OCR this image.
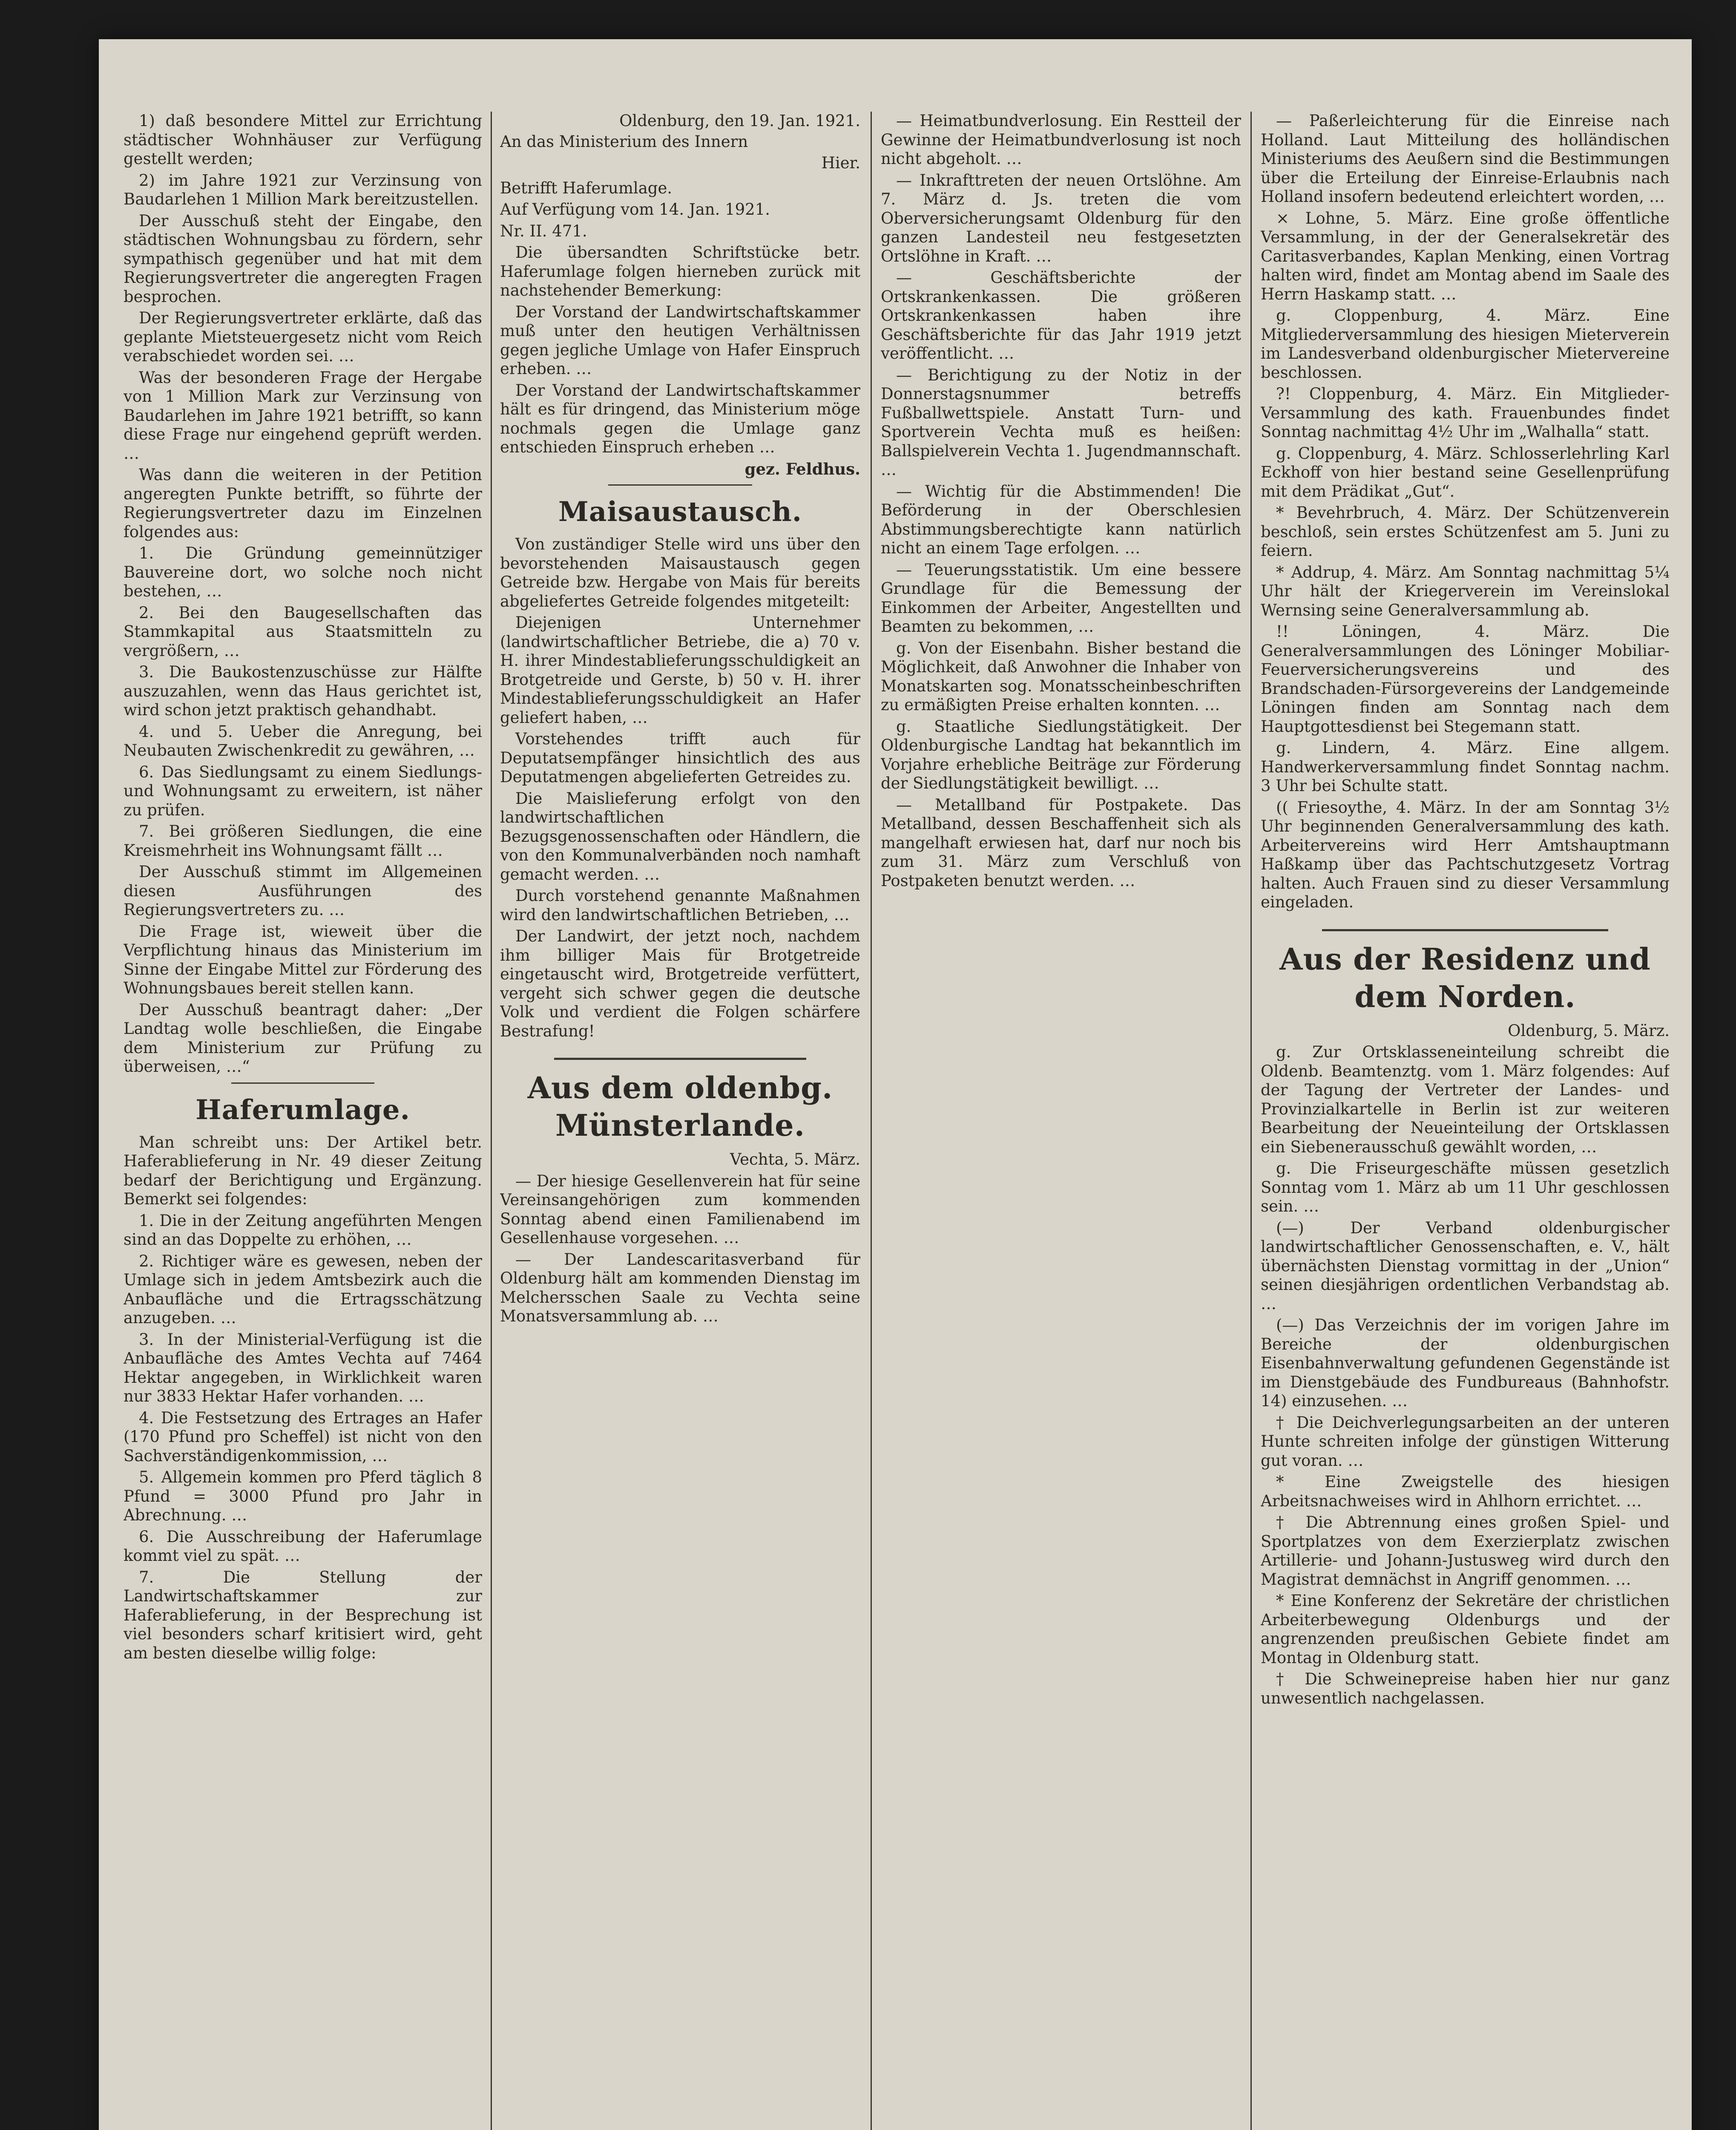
1) daß besondere Mittel zur Errichtung städtischer Wohnhäuser zur Verfügung gestellt werden;

2) im Jahre 1921 zur Verzinsung von Baudarlehen 1 Million Mark bereitzustellen.

Der Ausschuß steht der Eingabe, den städtischen Wohnungsbau zu fördern, sehr sympathisch gegenüber und hat mit dem Regierungsvertreter die angeregten Fragen besprochen.

Der Regierungsvertreter erklärte, daß das geplante Mietsteuergesetz nicht vom Reich verabschiedet worden sei. …

Was der besonderen Frage der Hergabe von 1 Million Mark zur Verzinsung von Baudarlehen im Jahre 1921 betrifft, so kann diese Frage nur eingehend geprüft werden. …

Was dann die weiteren in der Petition angeregten Punkte betrifft, so führte der Regierungsvertreter dazu im Einzelnen folgendes aus:

1. Die Gründung gemeinnütziger Bauvereine dort, wo solche noch nicht bestehen, …

2. Bei den Baugesellschaften das Stammkapital aus Staatsmitteln zu vergrößern, …

3. Die Baukostenzuschüsse zur Hälfte auszuzahlen, wenn das Haus gerichtet ist, wird schon jetzt praktisch gehandhabt.

4. und 5. Ueber die Anregung, bei Neubauten Zwischenkredit zu gewähren, …

6. Das Siedlungsamt zu einem Siedlungs- und Wohnungsamt zu erweitern, ist näher zu prüfen.

7. Bei größeren Siedlungen, die eine Kreismehrheit ins Wohnungsamt fällt …

Der Ausschuß stimmt im Allgemeinen diesen Ausführungen des Regierungsvertreters zu. …

Die Frage ist, wieweit über die Verpflichtung hinaus das Ministerium im Sinne der Eingabe Mittel zur Förderung des Wohnungsbaues bereit stellen kann.

Der Ausschuß beantragt daher: „Der Landtag wolle beschließen, die Eingabe dem Ministerium zur Prüfung zu überweisen, …“

Haferumlage.

Man schreibt uns: Der Artikel betr. Haferablieferung in Nr. 49 dieser Zeitung bedarf der Berichtigung und Ergänzung. Bemerkt sei folgendes:

1. Die in der Zeitung angeführten Mengen sind an das Doppelte zu erhöhen, …

2. Richtiger wäre es gewesen, neben der Umlage sich in jedem Amtsbezirk auch die Anbaufläche und die Ertragsschätzung anzugeben. …

3. In der Ministerial-Verfügung ist die Anbaufläche des Amtes Vechta auf 7464 Hektar angegeben, in Wirklichkeit waren nur 3833 Hektar Hafer vorhanden. …

4. Die Festsetzung des Ertrages an Hafer (170 Pfund pro Scheffel) ist nicht von den Sachverständigenkommission, …

5. Allgemein kommen pro Pferd täglich 8 Pfund = 3000 Pfund pro Jahr in Abrechnung. …

6. Die Ausschreibung der Haferumlage kommt viel zu spät. …

7. Die Stellung der Landwirtschaftskammer zur Haferablieferung, in der Besprechung ist viel besonders scharf kritisiert wird, geht am besten dieselbe willig folge:

Oldenburg, den 19. Jan. 1921.

An das Ministerium des Innern

Hier.

Betrifft Haferumlage.

Auf Verfügung vom 14. Jan. 1921.

Nr. II. 471.

Die übersandten Schriftstücke betr. Haferumlage folgen hierneben zurück mit nachstehender Bemerkung:

Der Vorstand der Landwirtschaftskammer muß unter den heutigen Verhältnissen gegen jegliche Umlage von Hafer Einspruch erheben. …

Der Vorstand der Landwirtschaftskammer hält es für dringend, das Ministerium möge nochmals gegen die Umlage ganz entschieden Einspruch erheben …

gez. Feldhus.

Maisaustausch.

Von zuständiger Stelle wird uns über den bevorstehenden Maisaustausch gegen Getreide bzw. Hergabe von Mais für bereits abgeliefertes Getreide folgendes mitgeteilt:

Diejenigen Unternehmer (landwirtschaftlicher Betriebe, die a) 70 v. H. ihrer Mindestablieferungsschuldigkeit an Brotgetreide und Gerste, b) 50 v. H. ihrer Mindestablieferungsschuldigkeit an Hafer geliefert haben, …

Vorstehendes trifft auch für Deputatsempfänger hinsichtlich des aus Deputatmengen abgelieferten Getreides zu.

Die Maislieferung erfolgt von den landwirtschaftlichen Bezugsgenossenschaften oder Händlern, die von den Kommunalverbänden noch namhaft gemacht werden. …

Durch vorstehend genannte Maßnahmen wird den landwirtschaftlichen Betrieben, …

Der Landwirt, der jetzt noch, nachdem ihm billiger Mais für Brotgetreide eingetauscht wird, Brotgetreide verfüttert, vergeht sich schwer gegen die deutsche Volk und verdient die Folgen schärfere Bestrafung!

Aus dem oldenbg. Münsterlande.

Vechta, 5. März.

— Der hiesige Gesellenverein hat für seine Vereinsangehörigen zum kommenden Sonntag abend einen Familienabend im Gesellenhause vorgesehen. …

— Der Landescaritasverband für Oldenburg hält am kommenden Dienstag im Melchersschen Saale zu Vechta seine Monatsversammlung ab. …

— Heimatbundverlosung. Ein Restteil der Gewinne der Heimatbundverlosung ist noch nicht abgeholt. …

— Inkrafttreten der neuen Ortslöhne. Am 7. März d. Js. treten die vom Oberversicherungsamt Oldenburg für den ganzen Landesteil neu festgesetzten Ortslöhne in Kraft. …

— Geschäftsberichte der Ortskrankenkassen. Die größeren Ortskrankenkassen haben ihre Geschäftsberichte für das Jahr 1919 jetzt veröffentlicht. …

— Berichtigung zu der Notiz in der Donnerstagsnummer betreffs Fußballwettspiele. Anstatt Turn- und Sportverein Vechta muß es heißen: Ballspielverein Vechta 1. Jugendmannschaft. …

— Wichtig für die Abstimmenden! Die Beförderung in der Oberschlesien Abstimmungsberechtigte kann natürlich nicht an einem Tage erfolgen. …

— Teuerungsstatistik. Um eine bessere Grundlage für die Bemessung der Einkommen der Arbeiter, Angestellten und Beamten zu bekommen, …

g. Von der Eisenbahn. Bisher bestand die Möglichkeit, daß Anwohner die Inhaber von Monatskarten sog. Monatsscheinbeschriften zu ermäßigten Preise erhalten konnten. …

g. Staatliche Siedlungstätigkeit. Der Oldenburgische Landtag hat bekanntlich im Vorjahre erhebliche Beiträge zur Förderung der Siedlungstätigkeit bewilligt. …

— Metallband für Postpakete. Das Metallband, dessen Beschaffenheit sich als mangelhaft erwiesen hat, darf nur noch bis zum 31. März zum Verschluß von Postpaketen benutzt werden. …

— Paßerleichterung für die Einreise nach Holland. Laut Mitteilung des holländischen Ministeriums des Aeußern sind die Bestimmungen über die Erteilung der Einreise-Erlaubnis nach Holland insofern bedeutend erleichtert worden, …

× Lohne, 5. März. Eine große öffentliche Versammlung, in der der Generalsekretär des Caritasverbandes, Kaplan Menking, einen Vortrag halten wird, findet am Montag abend im Saale des Herrn Haskamp statt. …

g. Cloppenburg, 4. März. Eine Mitgliederversammlung des hiesigen Mieterverein im Landesverband oldenburgischer Mietervereine beschlossen.

?! Cloppenburg, 4. März. Ein Mitglieder-Versammlung des kath. Frauenbundes findet Sonntag nachmittag 4½ Uhr im „Walhalla“ statt.

g. Cloppenburg, 4. März. Schlosserlehrling Karl Eckhoff von hier bestand seine Gesellenprüfung mit dem Prädikat „Gut“.

* Bevehrbruch, 4. März. Der Schützenverein beschloß, sein erstes Schützenfest am 5. Juni zu feiern.

* Addrup, 4. März. Am Sonntag nachmittag 5¼ Uhr hält der Kriegerverein im Vereinslokal Wernsing seine Generalversammlung ab.

!! Löningen, 4. März. Die Generalversammlungen des Löninger Mobiliar-Feuerversicherungsvereins und des Brandschaden-Fürsorgevereins der Landgemeinde Löningen finden am Sonntag nach dem Hauptgottesdienst bei Stegemann statt.

g. Lindern, 4. März. Eine allgem. Handwerkerversammlung findet Sonntag nachm. 3 Uhr bei Schulte statt.

(( Friesoythe, 4. März. In der am Sonntag 3½ Uhr beginnenden Generalversammlung des kath. Arbeitervereins wird Herr Amtshauptmann Haßkamp über das Pachtschutzgesetz Vortrag halten. Auch Frauen sind zu dieser Versammlung eingeladen.

Aus der Residenz und dem Norden.

Oldenburg, 5. März.

g. Zur Ortsklasseneinteilung schreibt die Oldenb. Beamtenztg. vom 1. März folgendes: Auf der Tagung der Vertreter der Landes- und Provinzialkartelle in Berlin ist zur weiteren Bearbeitung der Neueinteilung der Ortsklassen ein Siebenerausschuß gewählt worden, …

g. Die Friseurgeschäfte müssen gesetzlich Sonntag vom 1. März ab um 11 Uhr geschlossen sein. …

(—) Der Verband oldenburgischer landwirtschaftlicher Genossenschaften, e. V., hält übernächsten Dienstag vormittag in der „Union“ seinen diesjährigen ordentlichen Verbandstag ab. …

(—) Das Verzeichnis der im vorigen Jahre im Bereiche der oldenburgischen Eisenbahnverwaltung gefundenen Gegenstände ist im Dienstgebäude des Fundbureaus (Bahnhofstr. 14) einzusehen. …

† Die Deichverlegungsarbeiten an der unteren Hunte schreiten infolge der günstigen Witterung gut voran. …

* Eine Zweigstelle des hiesigen Arbeitsnachweises wird in Ahlhorn errichtet. …

† Die Abtrennung eines großen Spiel- und Sportplatzes von dem Exerzierplatz zwischen Artillerie- und Johann-Justusweg wird durch den Magistrat demnächst in Angriff genommen. …

* Eine Konferenz der Sekretäre der christlichen Arbeiterbewegung Oldenburgs und der angrenzenden preußischen Gebiete findet am Montag in Oldenburg statt.

† Die Schweinepreise haben hier nur ganz unwesentlich nachgelassen.
